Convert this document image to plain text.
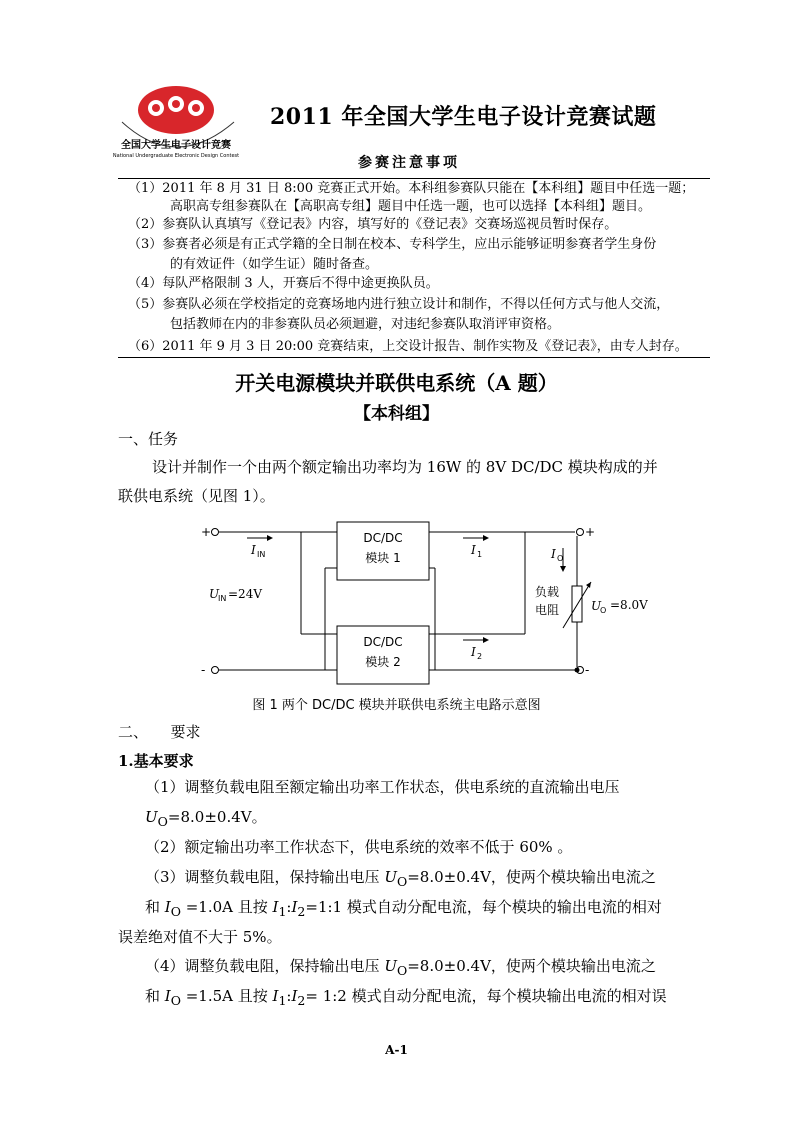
全国大学生电子设计竞赛
National Undergraduate Electronic Design Contest
2011 年全国大学生电子设计竞赛试题
参赛注意事项
（1）2011 年 8 月 31 日 8:00 竞赛正式开始。本科组参赛队只能在【本科组】题目中任选一题；
高职高专组参赛队在【高职高专组】题目中任选一题，也可以选择【本科组】题目。
（2）参赛队认真填写《登记表》内容，填写好的《登记表》交赛场巡视员暂时保存。
（3）参赛者必须是有正式学籍的全日制在校本、专科学生，应出示能够证明参赛者学生身份
的有效证件（如学生证）随时备查。
（4）每队严格限制 3 人，开赛后不得中途更换队员。
（5）参赛队必须在学校指定的竞赛场地内进行独立设计和制作，不得以任何方式与他人交流，
包括教师在内的非参赛队员必须迴避，对违纪参赛队取消评审资格。
（6）2011 年 9 月 3 日 20:00 竞赛结束，上交设计报告、制作实物及《登记表》，由专人封存。
开关电源模块并联供电系统（A 题）
【本科组】
一、任务
设计并制作一个由两个额定输出功率均为 16W 的 8V DC/DC 模块构成的并
联供电系统（见图 1）。
+
-
+
-
DC/DC
模块 1
DC/DC
模块 2
I IN
U
IN =24V
I 1
I 2
I O
负载
电阻	U
O =8.0V
图 1 两个 DC/DC 模块并联供电系统主电路示意图
二、　　要求
1.基本要求
（1）调整负载电阻至额定输出功率工作状态，供电系统的直流输出电压
$U_O=8.0\pm 0.4V$。
（2）额定输出功率工作状态下，供电系统的效率不低于 60% 。
（3）调整负载电阻，保持输出电压 $U_O=8.0\pm 0.4V$，使两个模块输出电流之
和 $I_O =1.0A$ 且按 $I_1:I_2=1:1$ 模式自动分配电流，每个模块的输出电流的相对
误差绝对值不大于 5%。
（4）调整负载电阻，保持输出电压 $U_O=8.0\pm 0.4V$，使两个模块输出电流之
和 $I_O =1.5A$ 且按 $I_1:I_2=$ 1:2 模式自动分配电流，每个模块输出电流的相对误
A-1
